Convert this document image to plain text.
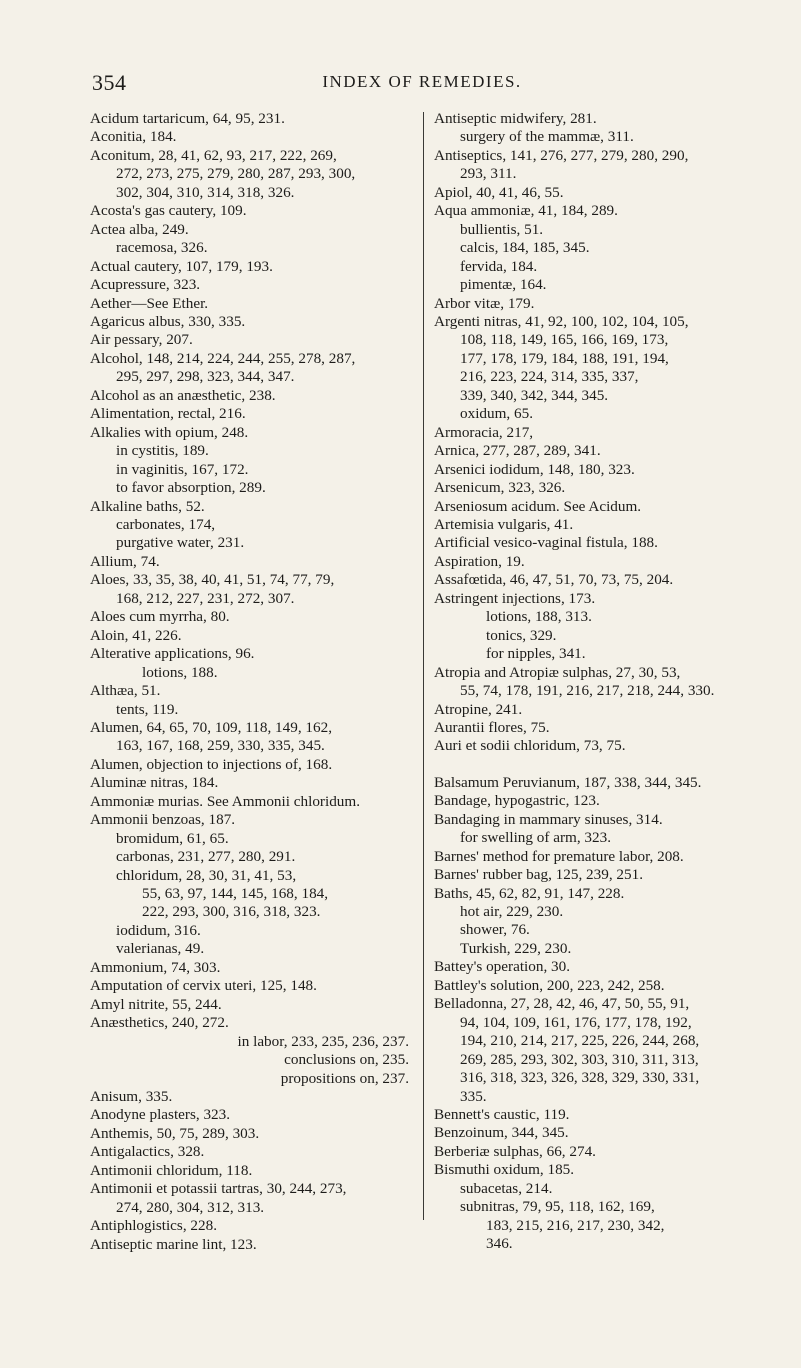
354	INDEX OF REMEDIES.
Acidum tartaricum, 64, 95, 231.
Aconitia, 184.
Aconitum, 28, 41, 62, 93, 217, 222, 269,
272, 273, 275, 279, 280, 287, 293, 300,
302, 304, 310, 314, 318, 326.
Acosta's gas cautery, 109.
Actea alba, 249.
racemosa, 326.
Actual cautery, 107, 179, 193.
Acupressure, 323.
Aether—See Ether.
Agaricus albus, 330, 335.
Air pessary, 207.
Alcohol, 148, 214, 224, 244, 255, 278, 287,
295, 297, 298, 323, 344, 347.
Alcohol as an anæsthetic, 238.
Alimentation, rectal, 216.
Alkalies with opium, 248.
in cystitis, 189.
in vaginitis, 167, 172.
to favor absorption, 289.
Alkaline baths, 52.
carbonates, 174,
purgative water, 231.
Allium, 74.
Aloes, 33, 35, 38, 40, 41, 51, 74, 77, 79,
168, 212, 227, 231, 272, 307.
Aloes cum myrrha, 80.
Aloin, 41, 226.
Alterative applications, 96.
lotions, 188.
Althæa, 51.
tents, 119.
Alumen, 64, 65, 70, 109, 118, 149, 162,
163, 167, 168, 259, 330, 335, 345.
Alumen, objection to injections of, 168.
Aluminæ nitras, 184.
Ammoniæ murias. See Ammonii chloridum.
Ammonii benzoas, 187.
bromidum, 61, 65.
carbonas, 231, 277, 280, 291.
chloridum, 28, 30, 31, 41, 53,
55, 63, 97, 144, 145, 168, 184,
222, 293, 300, 316, 318, 323.
iodidum, 316.
valerianas, 49.
Ammonium, 74, 303.
Amputation of cervix uteri, 125, 148.
Amyl nitrite, 55, 244.
Anæsthetics, 240, 272.
in labor, 233, 235, 236, 237.
conclusions on, 235.
propositions on, 237.
Anisum, 335.
Anodyne plasters, 323.
Anthemis, 50, 75, 289, 303.
Antigalactics, 328.
Antimonii chloridum, 118.
Antimonii et potassii tartras, 30, 244, 273,
274, 280, 304, 312, 313.
Antiphlogistics, 228.
Antiseptic marine lint, 123.
Antiseptic midwifery, 281.
surgery of the mammæ, 311.
Antiseptics, 141, 276, 277, 279, 280, 290,
293, 311.
Apiol, 40, 41, 46, 55.
Aqua ammoniæ, 41, 184, 289.
bullientis, 51.
calcis, 184, 185, 345.
fervida, 184.
pimentæ, 164.
Arbor vitæ, 179.
Argenti nitras, 41, 92, 100, 102, 104, 105,
108, 118, 149, 165, 166, 169, 173,
177, 178, 179, 184, 188, 191, 194,
216, 223, 224, 314, 335, 337,
339, 340, 342, 344, 345.
oxidum, 65.
Armoracia, 217,
Arnica, 277, 287, 289, 341.
Arsenici iodidum, 148, 180, 323.
Arsenicum, 323, 326.
Arseniosum acidum. See Acidum.
Artemisia vulgaris, 41.
Artificial vesico-vaginal fistula, 188.
Aspiration, 19.
Assafœtida, 46, 47, 51, 70, 73, 75, 204.
Astringent injections, 173.
lotions, 188, 313.
tonics, 329.
for nipples, 341.
Atropia and Atropiæ sulphas, 27, 30, 53,
55, 74, 178, 191, 216, 217, 218, 244, 330.
Atropine, 241.
Aurantii flores, 75.
Auri et sodii chloridum, 73, 75.
Balsamum Peruvianum, 187, 338, 344, 345.
Bandage, hypogastric, 123.
Bandaging in mammary sinuses, 314.
for swelling of arm, 323.
Barnes' method for premature labor, 208.
Barnes' rubber bag, 125, 239, 251.
Baths, 45, 62, 82, 91, 147, 228.
hot air, 229, 230.
shower, 76.
Turkish, 229, 230.
Battey's operation, 30.
Battley's solution, 200, 223, 242, 258.
Belladonna, 27, 28, 42, 46, 47, 50, 55, 91,
94, 104, 109, 161, 176, 177, 178, 192,
194, 210, 214, 217, 225, 226, 244, 268,
269, 285, 293, 302, 303, 310, 311, 313,
316, 318, 323, 326, 328, 329, 330, 331,
335.
Bennett's caustic, 119.
Benzoinum, 344, 345.
Berberiæ sulphas, 66, 274.
Bismuthi oxidum, 185.
subacetas, 214.
subnitras, 79, 95, 118, 162, 169,
183, 215, 216, 217, 230, 342,
346.
